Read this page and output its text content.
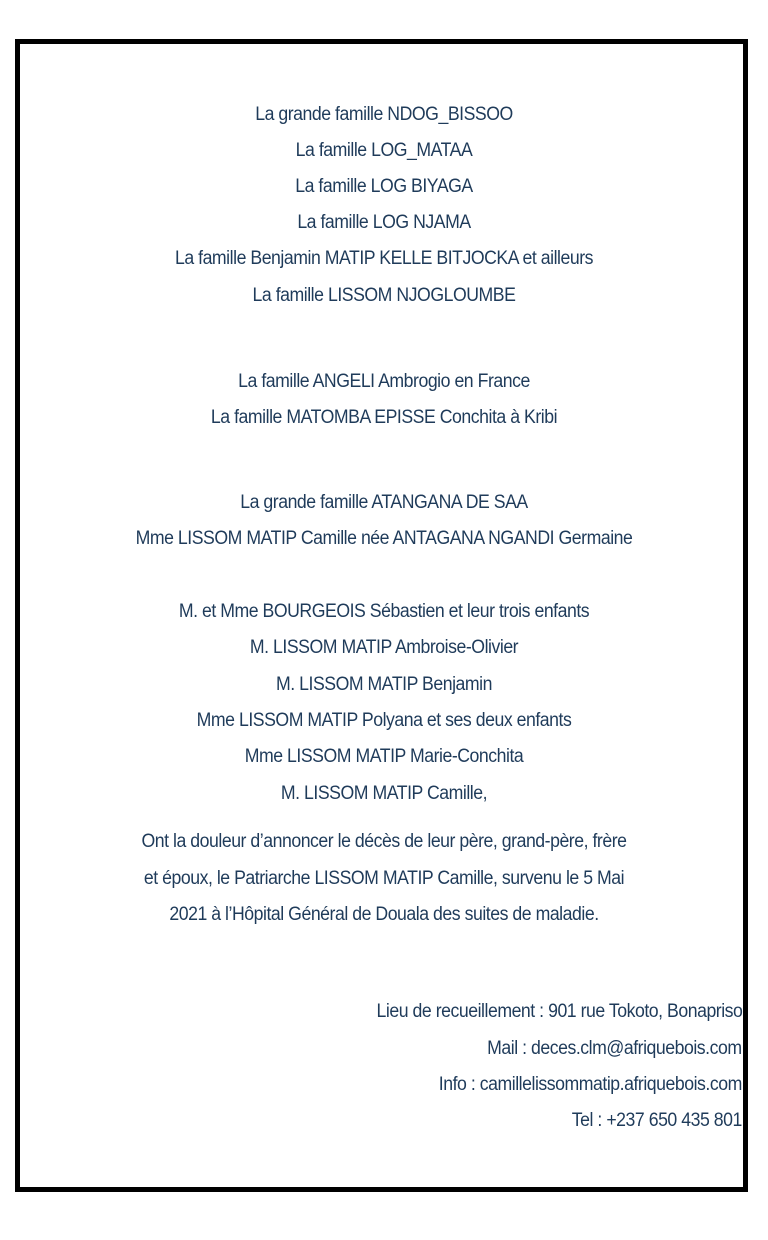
La grande famille NDOG_BISSOO
La famille LOG_MATAA
La famille LOG BIYAGA
La famille LOG NJAMA
La famille Benjamin MATIP KELLE BITJOCKA et ailleurs
La famille LISSOM NJOGLOUMBE
La famille ANGELI Ambrogio en France
La famille MATOMBA EPISSE Conchita à Kribi
La grande famille ATANGANA DE SAA
Mme LISSOM MATIP Camille née ANTAGANA NGANDI Germaine
M. et Mme BOURGEOIS Sébastien et leur trois enfants
M. LISSOM MATIP Ambroise-Olivier
M. LISSOM MATIP Benjamin
Mme LISSOM MATIP Polyana et ses deux enfants
Mme LISSOM MATIP Marie-Conchita
M. LISSOM MATIP Camille,
Ont la douleur d’annoncer le décès de leur père, grand-père, frère
et époux, le Patriarche LISSOM MATIP Camille, survenu le 5 Mai
2021 à l’Hôpital Général de Douala des suites de maladie.
Lieu de recueillement : 901 rue Tokoto, Bonapriso
Mail : deces.clm@afriquebois.com
Info : camillelissommatip.afriquebois.com
Tel : +237 650 435 801
